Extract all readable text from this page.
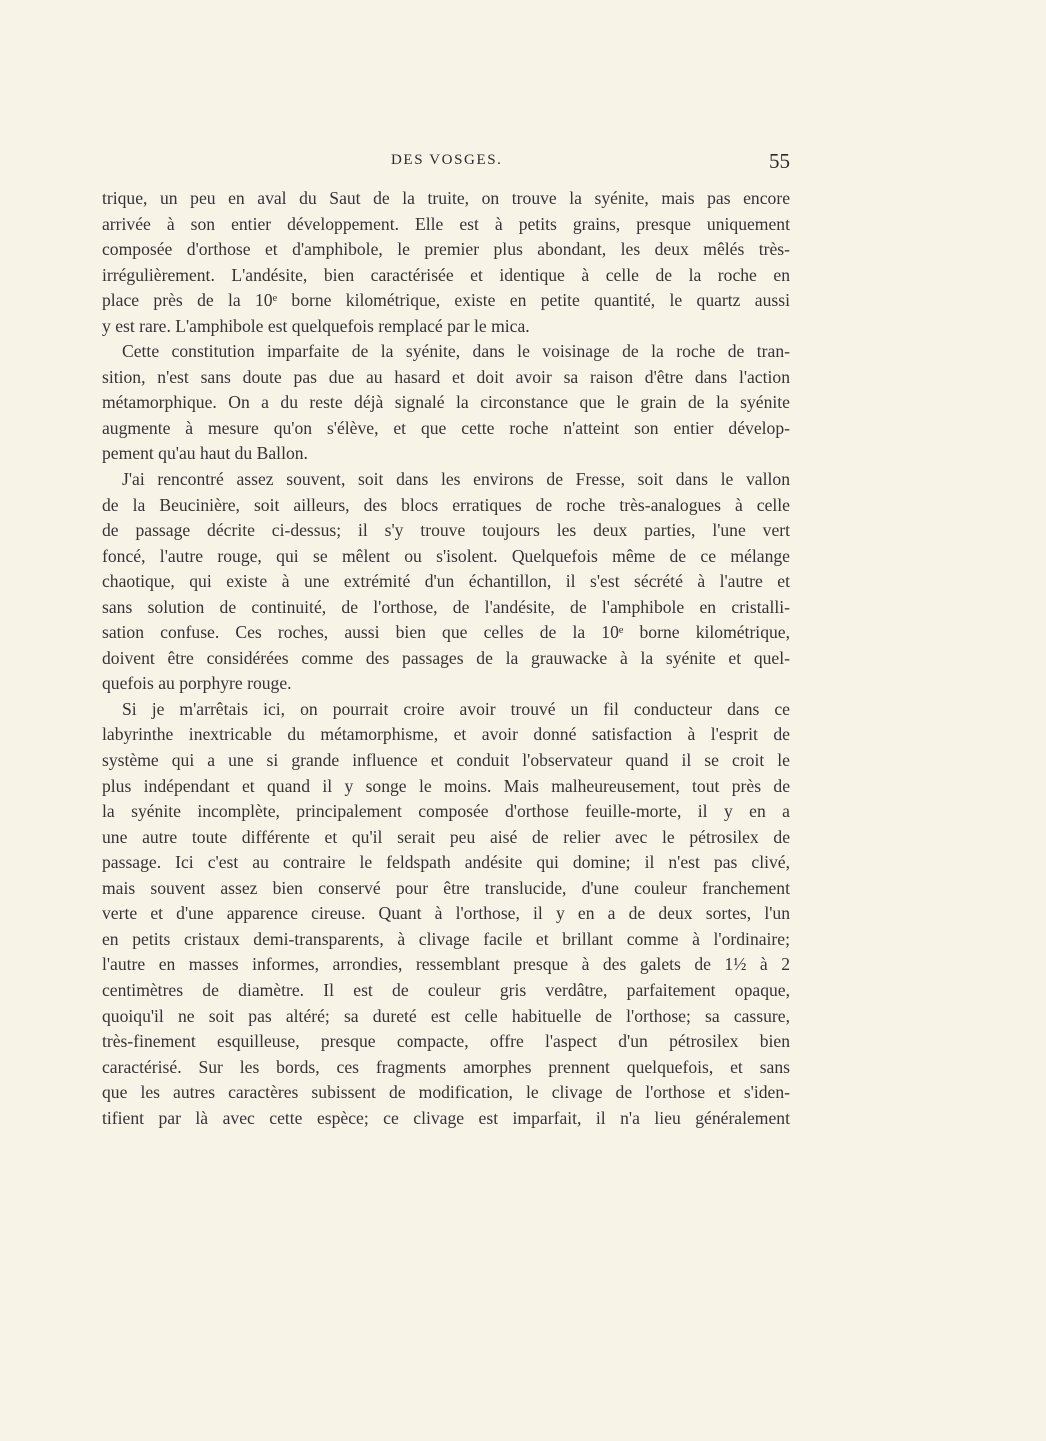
DES VOSGES.	55
trique, un peu en aval du Saut de la truite, on trouve la syénite, mais pas encore
arrivée à son entier développement. Elle est à petits grains, presque uniquement
composée d'orthose et d'amphibole, le premier plus abondant, les deux mêlés très-
irrégulièrement. L'andésite, bien caractérisée et identique à celle de la roche en
place près de la 10ᵉ borne kilométrique, existe en petite quantité, le quartz aussi
y est rare. L'amphibole est quelquefois remplacé par le mica.
Cette constitution imparfaite de la syénite, dans le voisinage de la roche de tran-
sition, n'est sans doute pas due au hasard et doit avoir sa raison d'être dans l'action
métamorphique. On a du reste déjà signalé la circonstance que le grain de la syénite
augmente à mesure qu'on s'élève, et que cette roche n'atteint son entier dévelop-
pement qu'au haut du Ballon.
J'ai rencontré assez souvent, soit dans les environs de Fresse, soit dans le vallon
de la Beucinière, soit ailleurs, des blocs erratiques de roche très-analogues à celle
de passage décrite ci-dessus; il s'y trouve toujours les deux parties, l'une vert
foncé, l'autre rouge, qui se mêlent ou s'isolent. Quelquefois même de ce mélange
chaotique, qui existe à une extrémité d'un échantillon, il s'est sécrété à l'autre et
sans solution de continuité, de l'orthose, de l'andésite, de l'amphibole en cristalli-
sation confuse. Ces roches, aussi bien que celles de la 10ᵉ borne kilométrique,
doivent être considérées comme des passages de la grauwacke à la syénite et quel-
quefois au porphyre rouge.
Si je m'arrêtais ici, on pourrait croire avoir trouvé un fil conducteur dans ce
labyrinthe inextricable du métamorphisme, et avoir donné satisfaction à l'esprit de
système qui a une si grande influence et conduit l'observateur quand il se croit le
plus indépendant et quand il y songe le moins. Mais malheureusement, tout près de
la syénite incomplète, principalement composée d'orthose feuille-morte, il y en a
une autre toute différente et qu'il serait peu aisé de relier avec le pétrosilex de
passage. Ici c'est au contraire le feldspath andésite qui domine; il n'est pas clivé,
mais souvent assez bien conservé pour être translucide, d'une couleur franchement
verte et d'une apparence cireuse. Quant à l'orthose, il y en a de deux sortes, l'un
en petits cristaux demi-transparents, à clivage facile et brillant comme à l'ordinaire;
l'autre en masses informes, arrondies, ressemblant presque à des galets de 1½ à 2
centimètres de diamètre. Il est de couleur gris verdâtre, parfaitement opaque,
quoiqu'il ne soit pas altéré; sa dureté est celle habituelle de l'orthose; sa cassure,
très-finement esquilleuse, presque compacte, offre l'aspect d'un pétrosilex bien
caractérisé. Sur les bords, ces fragments amorphes prennent quelquefois, et sans
que les autres caractères subissent de modification, le clivage de l'orthose et s'iden-
tifient par là avec cette espèce; ce clivage est imparfait, il n'a lieu généralement
